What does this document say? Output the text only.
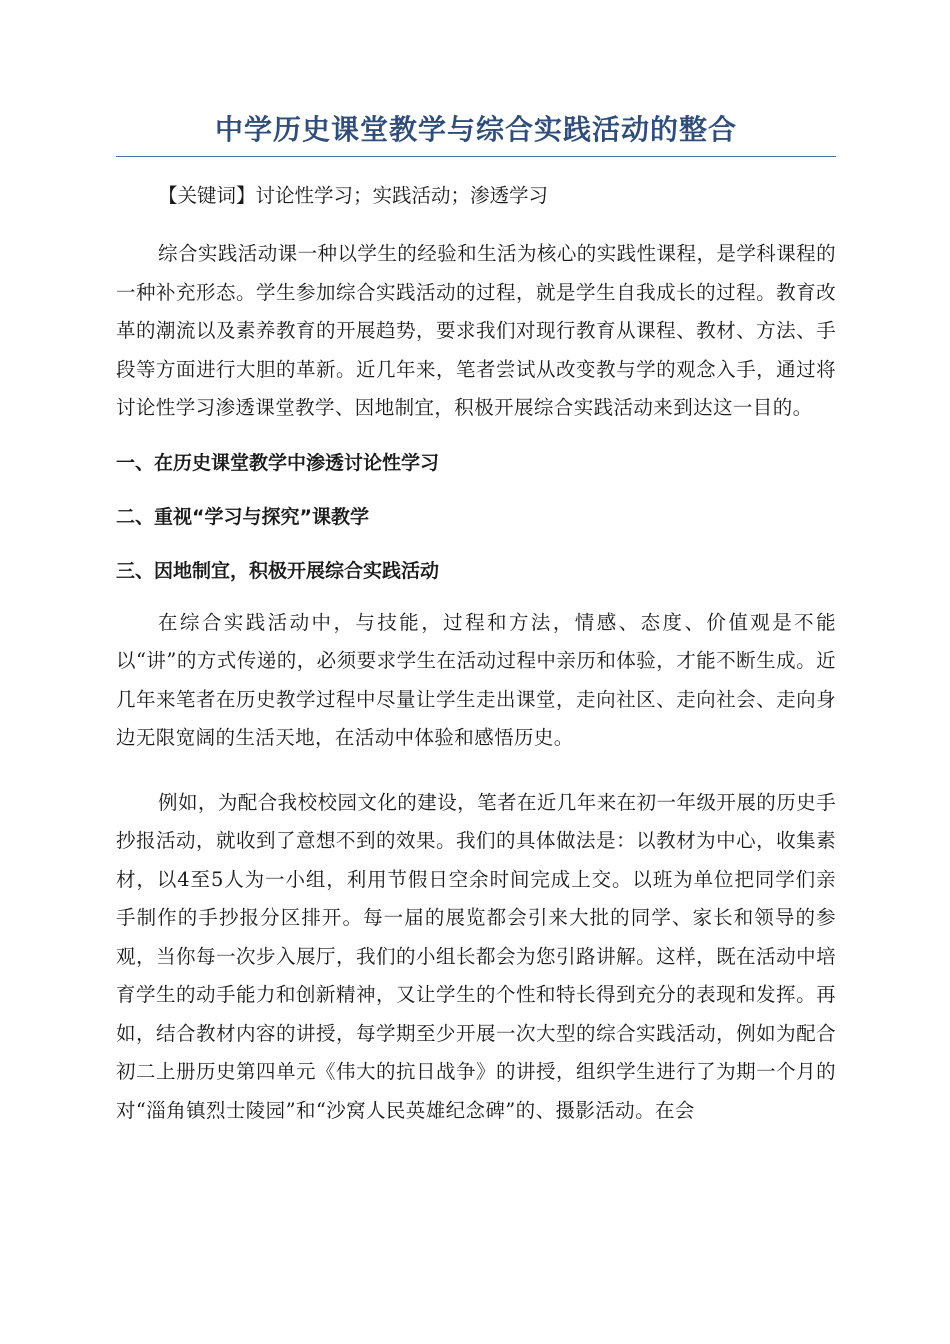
中学历史课堂教学与综合实践活动的整合
【关键词】讨论性学习；实践活动；渗透学习

综合实践活动课一种以学生的经验和生活为核心的实践性课程，是学科课程的一种补充形态。学生参加综合实践活动的过程，就是学生自我成长的过程。教育改革的潮流以及素养教育的开展趋势，要求我们对现行教育从课程、教材、方法、手段等方面进行大胆的革新。近几年来，笔者尝试从改变教与学的观念入手，通过将讨论性学习渗透课堂教学、因地制宜，积极开展综合实践活动来到达这一目的。

一、在历史课堂教学中渗透讨论性学习

二、重视“学习与探究”课教学

三、因地制宜，积极开展综合实践活动

在综合实践活动中，与技能，过程和方法，情感、态度、价值观是不能以“讲”的方式传递的，必须要求学生在活动过程中亲历和体验，才能不断生成。近几年来笔者在历史教学过程中尽量让学生走出课堂，走向社区、走向社会、走向身边无限宽阔的生活天地，在活动中体验和感悟历史。

例如，为配合我校校园文化的建设，笔者在近几年来在初一年级开展的历史手抄报活动，就收到了意想不到的效果。我们的具体做法是：以教材为中心，收集素材，以4至5人为一小组，利用节假日空余时间完成上交。以班为单位把同学们亲手制作的手抄报分区排开。每一届的展览都会引来大批的同学、家长和领导的参观，当你每一次步入展厅，我们的小组长都会为您引路讲解。这样，既在活动中培育学生的动手能力和创新精神，又让学生的个性和特长得到充分的表现和发挥。再如，结合教材内容的讲授，每学期至少开展一次大型的综合实践活动，例如为配合初二上册历史第四单元《伟大的抗日战争》的讲授，组织学生进行了为期一个月的对“淄角镇烈士陵园”和“沙窝人民英雄纪念碑”的、摄影活动。在会
